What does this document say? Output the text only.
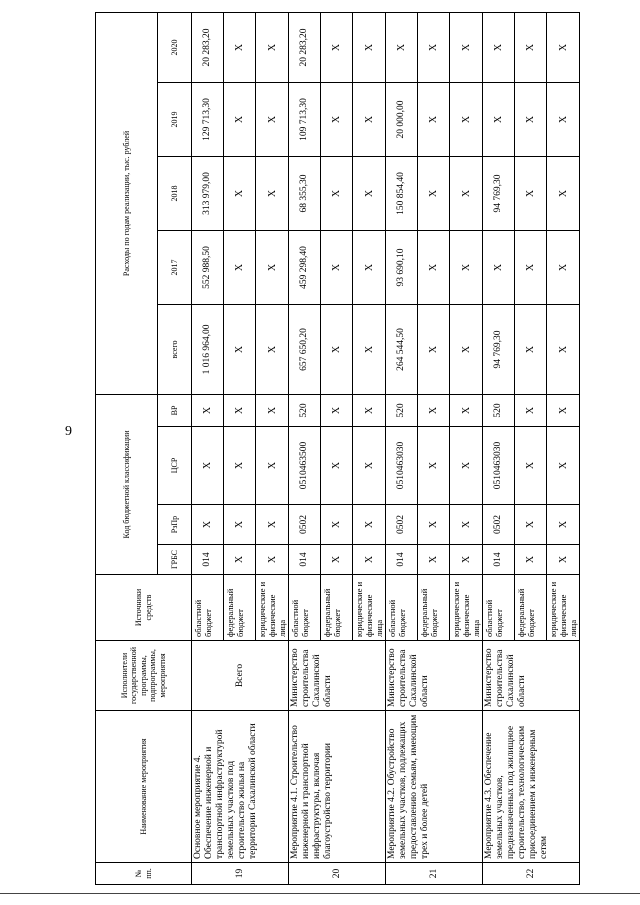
9
№ пп.	Наименование мероприятия	Исполнители государственной программы, подпрограммы, мероприятия	Источники средств	Код бюджетной классификации				Расходы по годам реализации, тыс. рублей				
				ГРБС	РзПр	ЦСР	ВР	всего	2017	2018	2019	2020
19	Основное мероприятие 4. Обеспечение инженерной и транспортной инфраструктурой земельных участков под строительство жилья на территории Сахалинской области	Всего	областной бюджет	014	Х	Х	Х	1 016 964,00	552 988,50	313 979,00	129 713,30	20 283,20
			федеральный бюджет	Х	Х	Х	Х	Х	Х	Х	Х	Х
			юридические и физические лица	Х	Х	Х	Х	Х	Х	Х	Х	Х
20	Мероприятие 4.1. Строительство инженерной и транспортной инфраструктуры, включая благоустройство территории	Министерство строительства Сахалинской области	областной бюджет	014	0502	0510463500	520	657 650,20	459 298,40	68 355,30	109 713,30	20 283,20
			федеральный бюджет	Х	Х	Х	Х	Х	Х	Х	Х	Х
			юридические и физические лица	Х	Х	Х	Х	Х	Х	Х	Х	Х
21	Мероприятие 4.2. Обустройство земельных участков, подлежащих предоставлению семьям, имеющим трех и более детей	Министерство строительства Сахалинской области	областной бюджет	014	0502	0510463030	520	264 544,50	93 690,10	150 854,40	20 000,00	Х
			федеральный бюджет	Х	Х	Х	Х	Х	Х	Х	Х	Х
			юридические и физические лица	Х	Х	Х	Х	Х	Х	Х	Х	Х
22	Мероприятие 4.3. Обеспечение земельных участков, предназначенных под жилищное строительство, технологическим присоединением к инженерным сетям	Министерство строительства Сахалинской области	областной бюджет	014	0502	0510463030	520	94 769,30	Х	94 769,30	Х	Х
			федеральный бюджет	Х	Х	Х	Х	Х	Х	Х	Х	Х
			юридические и физические лица	Х	Х	Х	Х	Х	Х	Х	Х	Х
